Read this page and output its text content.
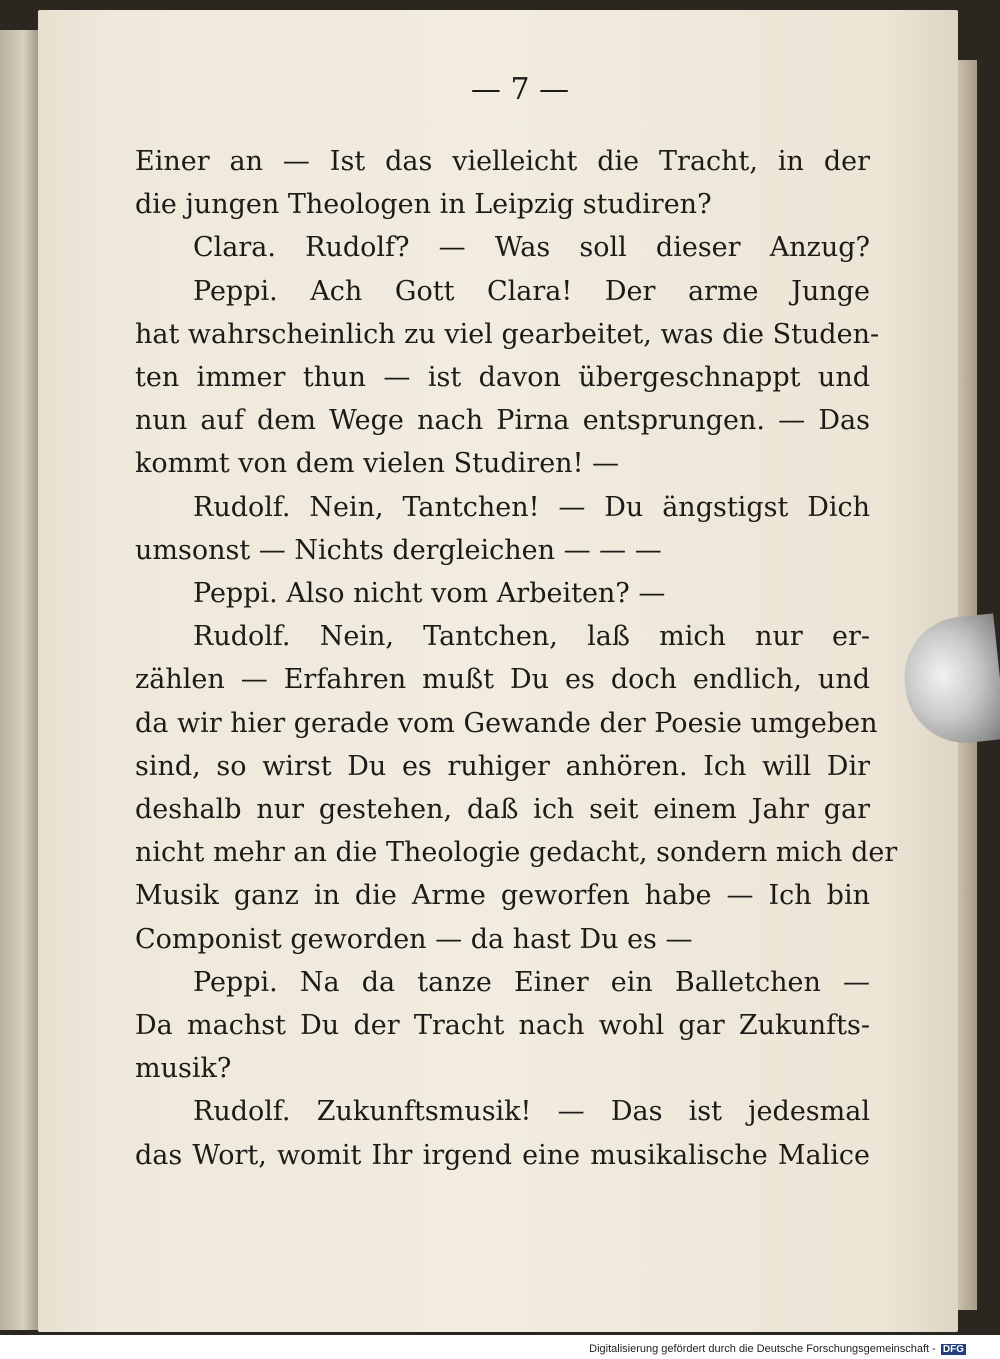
— 7 —
Einer an — Ist das vielleicht die Tracht, in der
die jungen Theologen in Leipzig studiren?
Clara. Rudolf? — Was soll dieser Anzug?
Peppi. Ach Gott Clara! Der arme Junge
hat wahrscheinlich zu viel gearbeitet, was die Studen-
ten immer thun — ist davon übergeschnappt und
nun auf dem Wege nach Pirna entsprungen. — Das
kommt von dem vielen Studiren! —
Rudolf. Nein, Tantchen! — Du ängstigst Dich
umsonst — Nichts dergleichen — — —
Peppi. Also nicht vom Arbeiten? —
Rudolf. Nein, Tantchen, laß mich nur er-
zählen — Erfahren mußt Du es doch endlich, und
da wir hier gerade vom Gewande der Poesie umgeben
sind, so wirst Du es ruhiger anhören. Ich will Dir
deshalb nur gestehen, daß ich seit einem Jahr gar
nicht mehr an die Theologie gedacht, sondern mich der
Musik ganz in die Arme geworfen habe — Ich bin
Componist geworden — da hast Du es —
Peppi. Na da tanze Einer ein Balletchen —
Da machst Du der Tracht nach wohl gar Zukunfts-
musik?
Rudolf. Zukunftsmusik! — Das ist jedesmal
das Wort, womit Ihr irgend eine musikalische Malice
Digitalisierung gefördert durch die Deutsche Forschungsgemeinschaft - DFG
